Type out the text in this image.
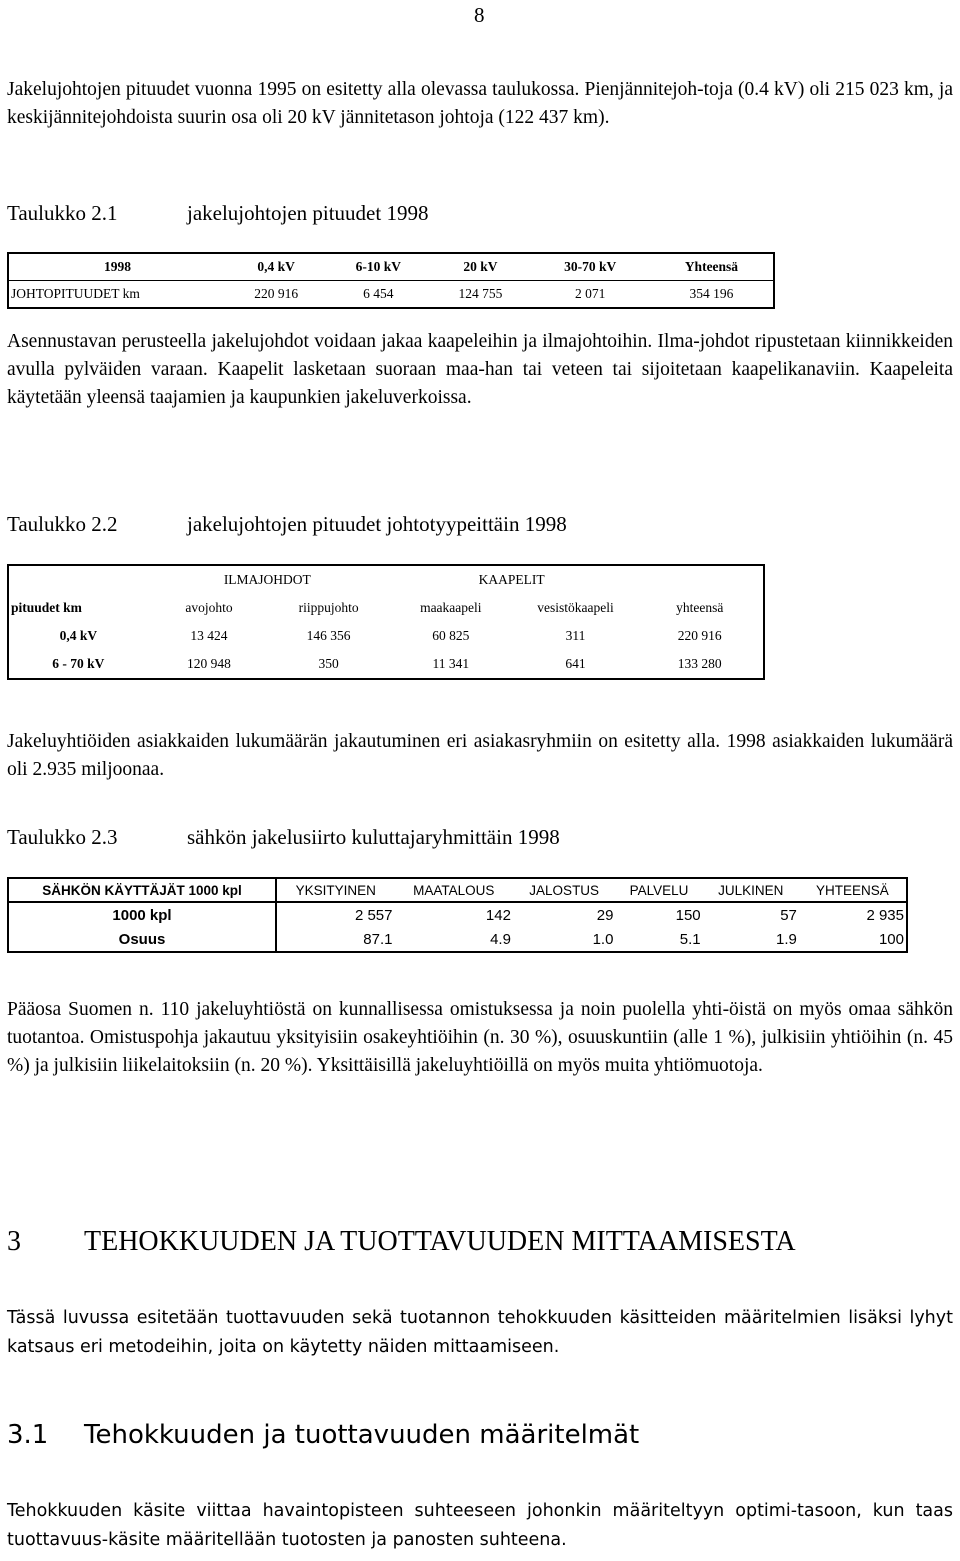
8
Jakelujohtojen pituudet vuonna 1995 on esitetty alla olevassa taulukossa. Pienjännitejoh-toja (0.4 kV) oli 215 023 km, ja keskijännitejohdoista suurin osa oli 20 kV jännitetason johtoja (122 437 km).
Taulukko 2.1	jakelujohtojen pituudet 1998
1998	0,4 kV	6-10 kV	20 kV	30-70 kV	Yhteensä
JOHTOPITUUDET km	220 916	6 454	124 755	2 071	354 196
Asennustavan perusteella jakelujohdot voidaan jakaa kaapeleihin ja ilmajohtoihin. Ilma-johdot ripustetaan kiinnikkeiden avulla pylväiden varaan. Kaapelit lasketaan suoraan maa-han tai veteen tai sijoitetaan kaapelikanaviin. Kaapeleita käytetään yleensä taajamien ja kaupunkien jakeluverkoissa.
Taulukko 2.2	jakelujohtojen pituudet johtotyypeittäin 1998
	ILMAJOHDOT		KAAPELIT		
pituudet km	avojohto	riippujohto	maakaapeli	vesistökaapeli	yhteensä
0,4 kV	13 424	146 356	60 825	311	220 916
6 - 70 kV	120 948	350	11 341	641	133 280
Jakeluyhtiöiden asiakkaiden lukumäärän jakautuminen eri asiakasryhmiin on esitetty alla. 1998 asiakkaiden lukumäärä oli 2.935 miljoonaa.
Taulukko 2.3	sähkön jakelusiirto kuluttajaryhmittäin 1998
SÄHKÖN KÄYTTÄJÄT 1000 kpl	YKSITYINEN	MAATALOUS	JALOSTUS	PALVELU	JULKINEN	YHTEENSÄ
1000 kpl	2 557	142	29	150	57	2 935
Osuus	87.1	4.9	1.0	5.1	1.9	100
Pääosa Suomen n. 110 jakeluyhtiöstä on kunnallisessa omistuksessa ja noin puolella yhti-öistä on myös omaa sähkön tuotantoa. Omistuspohja jakautuu yksityisiin osakeyhtiöihin (n. 30 %), osuuskuntiin (alle 1 %), julkisiin yhtiöihin (n. 45 %) ja julkisiin liikelaitoksiin (n. 20 %). Yksittäisillä jakeluyhtiöillä on myös muita yhtiömuotoja.
3 TEHOKKUUDEN JA TUOTTAVUUDEN MITTAAMISESTA
Tässä luvussa esitetään tuottavuuden sekä tuotannon tehokkuuden käsitteiden määritelmien lisäksi lyhyt katsaus eri metodeihin, joita on käytetty näiden mittaamiseen.
3.1 Tehokkuuden ja tuottavuuden määritelmät
Tehokkuuden käsite viittaa havaintopisteen suhteeseen johonkin määriteltyyn optimi-tasoon, kun taas tuottavuus-käsite määritellään tuotosten ja panosten suhteena.
